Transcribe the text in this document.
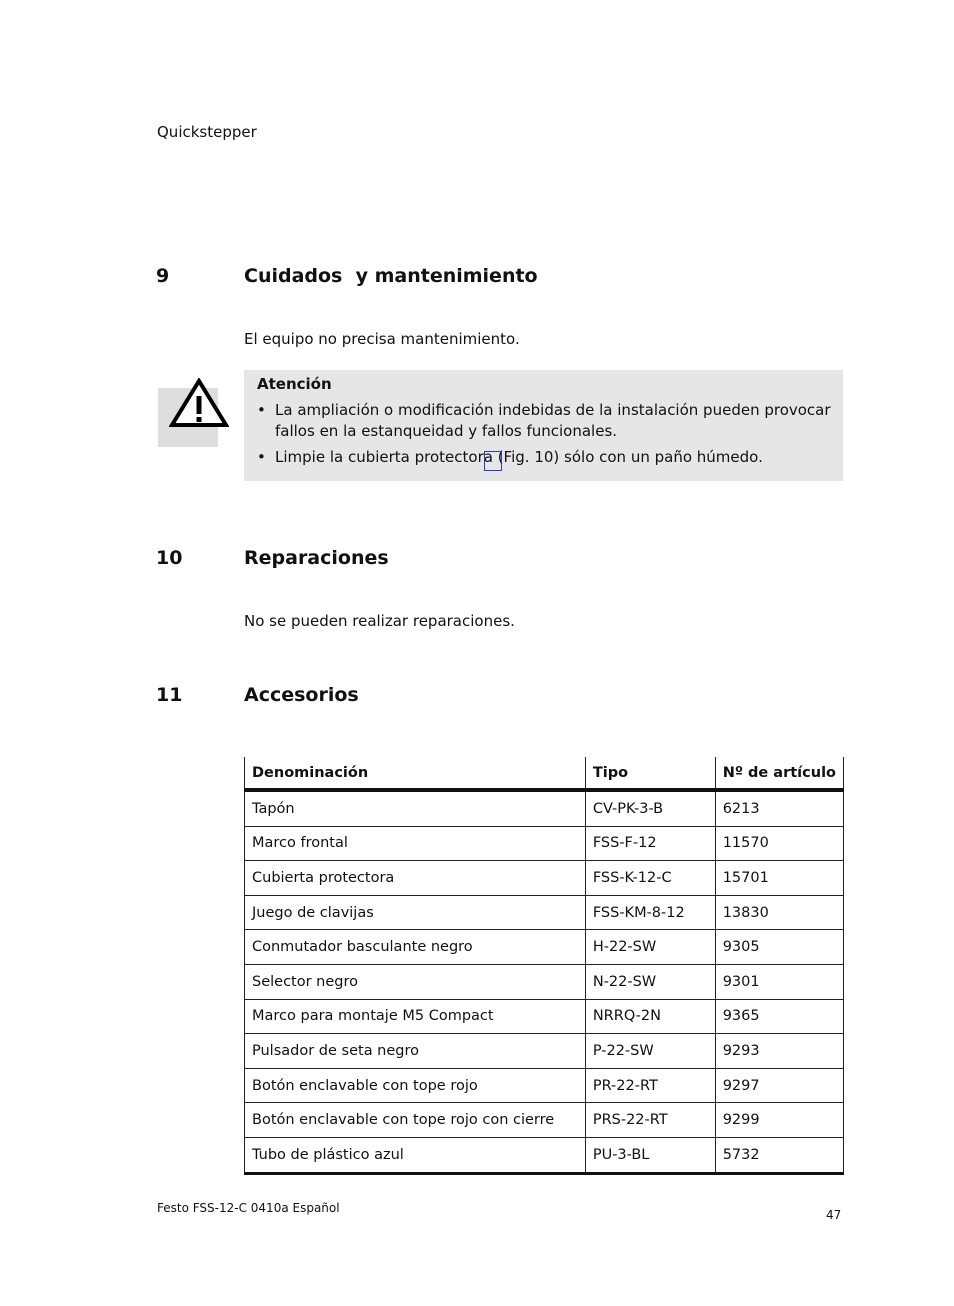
Quickstepper
9	Cuidados  y mantenimiento
El equipo no precisa mantenimiento.
Atención
• La ampliación o modificación indebidas de la instalación pueden provocar
fallos en la estanqueidad y fallos funcionales.
• Limpie la cubierta protectora (Fig. 10) sólo con un paño húmedo.
10	Reparaciones
No se pueden realizar reparaciones.
11	Accesorios
Denominación	Tipo	Nº de artículo
Tapón	CV-PK-3-B	6213
Marco frontal	FSS-F-12	11570
Cubierta protectora	FSS-K-12-C	15701
Juego de clavijas	FSS-KM-8-12	13830
Conmutador basculante negro	H-22-SW	9305
Selector negro	N-22-SW	9301
Marco para montaje M5 Compact	NRRQ-2N	9365
Pulsador de seta negro	P-22-SW	9293
Botón enclavable con tope rojo	PR-22-RT	9297
Botón enclavable con tope rojo con cierre	PRS-22-RT	9299
Tubo de plástico azul	PU-3-BL	5732
Festo FSS-12-C 0410a Español	47
